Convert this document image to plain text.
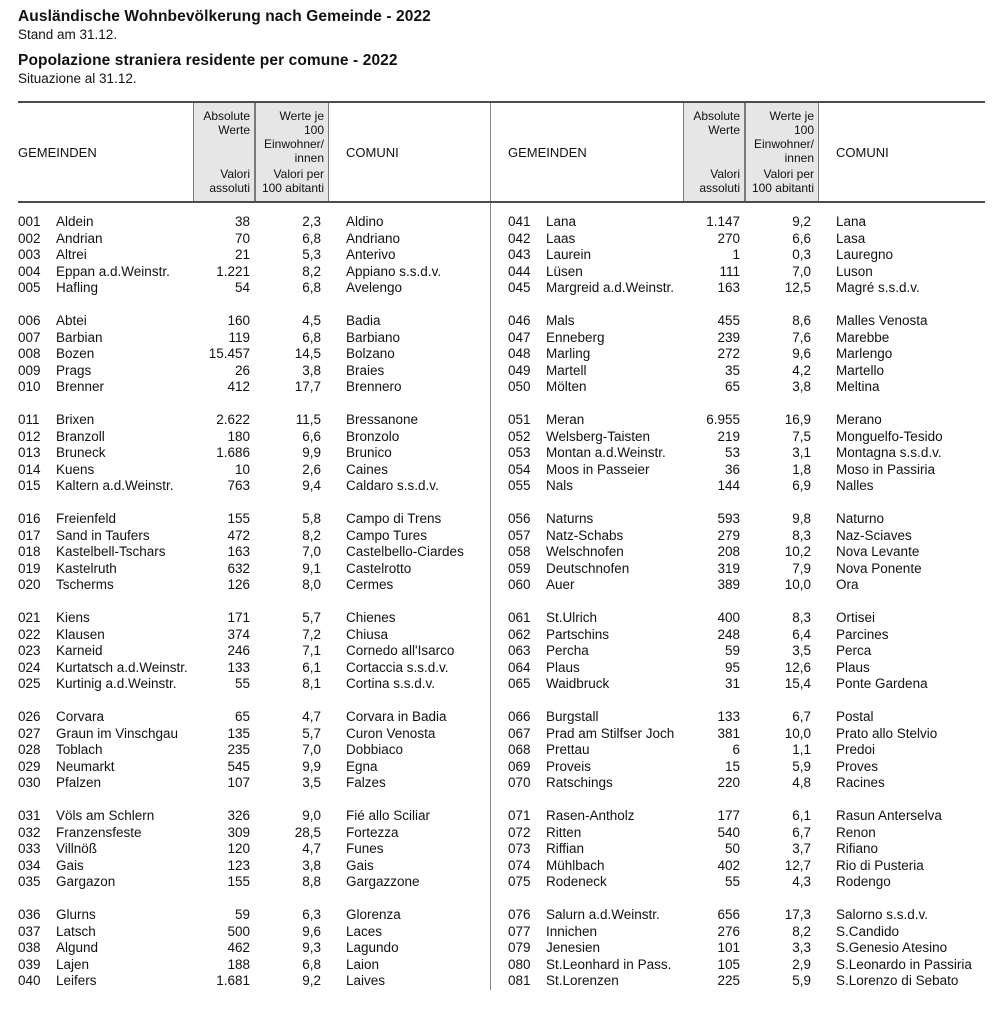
Ausländische Wohnbevölkerung nach Gemeinde - 2022

Stand am 31.12.

Popolazione straniera residente per comune - 2022

Situazione al 31.12.

GEMEINDEN	
Absolute
Werte
Valori
assoluti

Werte je
100
Einwohner/
innen
Valori per
100 abitanti
	COMUNI

001	Aldein	38	2,3	Aldino
002	Andrian	70	6,8	Andriano
003	Altrei	21	5,3	Anterivo
004	Eppan a.d.Weinstr.	1.221	8,2	Appiano s.s.d.v.
005	Hafling	54	6,8	Avelengo

006	Abtei	160	4,5	Badia
007	Barbian	119	6,8	Barbiano
008	Bozen	15.457	14,5	Bolzano
009	Prags	26	3,8	Braies
010	Brenner	412	17,7	Brennero

011	Brixen	2.622	11,5	Bressanone
012	Branzoll	180	6,6	Bronzolo
013	Bruneck	1.686	9,9	Brunico
014	Kuens	10	2,6	Caines
015	Kaltern a.d.Weinstr.	763	9,4	Caldaro s.s.d.v.

016	Freienfeld	155	5,8	Campo di Trens
017	Sand in Taufers	472	8,2	Campo Tures
018	Kastelbell-Tschars	163	7,0	Castelbello-Ciardes
019	Kastelruth	632	9,1	Castelrotto
020	Tscherms	126	8,0	Cermes

021	Kiens	171	5,7	Chienes
022	Klausen	374	7,2	Chiusa
023	Karneid	246	7,1	Cornedo all'Isarco
024	Kurtatsch a.d.Weinstr.	133	6,1	Cortaccia s.s.d.v.
025	Kurtinig a.d.Weinstr.	55	8,1	Cortina s.s.d.v.

026	Corvara	65	4,7	Corvara in Badia
027	Graun im Vinschgau	135	5,7	Curon Venosta
028	Toblach	235	7,0	Dobbiaco
029	Neumarkt	545	9,9	Egna
030	Pfalzen	107	3,5	Falzes

031	Völs am Schlern	326	9,0	Fié allo Sciliar
032	Franzensfeste	309	28,5	Fortezza
033	Villnöß	120	4,7	Funes
034	Gais	123	3,8	Gais
035	Gargazon	155	8,8	Gargazzone

036	Glurns	59	6,3	Glorenza
037	Latsch	500	9,6	Laces
038	Algund	462	9,3	Lagundo
039	Lajen	188	6,8	Laion
040	Leifers	1.681	9,2	Laives
GEMEINDEN	
Absolute
Werte
Valori
assoluti

Werte je
100
Einwohner/
innen
Valori per
100 abitanti
	COMUNI

041	Lana	1.147	9,2	Lana
042	Laas	270	6,6	Lasa
043	Laurein	1	0,3	Lauregno
044	Lüsen	111	7,0	Luson
045	Margreid a.d.Weinstr.	163	12,5	Magré s.s.d.v.

046	Mals	455	8,6	Malles Venosta
047	Enneberg	239	7,6	Marebbe
048	Marling	272	9,6	Marlengo
049	Martell	35	4,2	Martello
050	Mölten	65	3,8	Meltina

051	Meran	6.955	16,9	Merano
052	Welsberg-Taisten	219	7,5	Monguelfo-Tesido
053	Montan a.d.Weinstr.	53	3,1	Montagna s.s.d.v.
054	Moos in Passeier	36	1,8	Moso in Passiria
055	Nals	144	6,9	Nalles

056	Naturns	593	9,8	Naturno
057	Natz-Schabs	279	8,3	Naz-Sciaves
058	Welschnofen	208	10,2	Nova Levante
059	Deutschnofen	319	7,9	Nova Ponente
060	Auer	389	10,0	Ora

061	St.Ulrich	400	8,3	Ortisei
062	Partschins	248	6,4	Parcines
063	Percha	59	3,5	Perca
064	Plaus	95	12,6	Plaus
065	Waidbruck	31	15,4	Ponte Gardena

066	Burgstall	133	6,7	Postal
067	Prad am Stilfser Joch	381	10,0	Prato allo Stelvio
068	Prettau	6	1,1	Predoi
069	Proveis	15	5,9	Proves
070	Ratschings	220	4,8	Racines

071	Rasen-Antholz	177	6,1	Rasun Anterselva
072	Ritten	540	6,7	Renon
073	Riffian	50	3,7	Rifiano
074	Mühlbach	402	12,7	Rio di Pusteria
075	Rodeneck	55	4,3	Rodengo

076	Salurn a.d.Weinstr.	656	17,3	Salorno s.s.d.v.
077	Innichen	276	8,2	S.Candido
079	Jenesien	101	3,3	S.Genesio Atesino
080	St.Leonhard in Pass.	105	2,9	S.Leonardo in Passiria
081	St.Lorenzen	225	5,9	S.Lorenzo di Sebato
